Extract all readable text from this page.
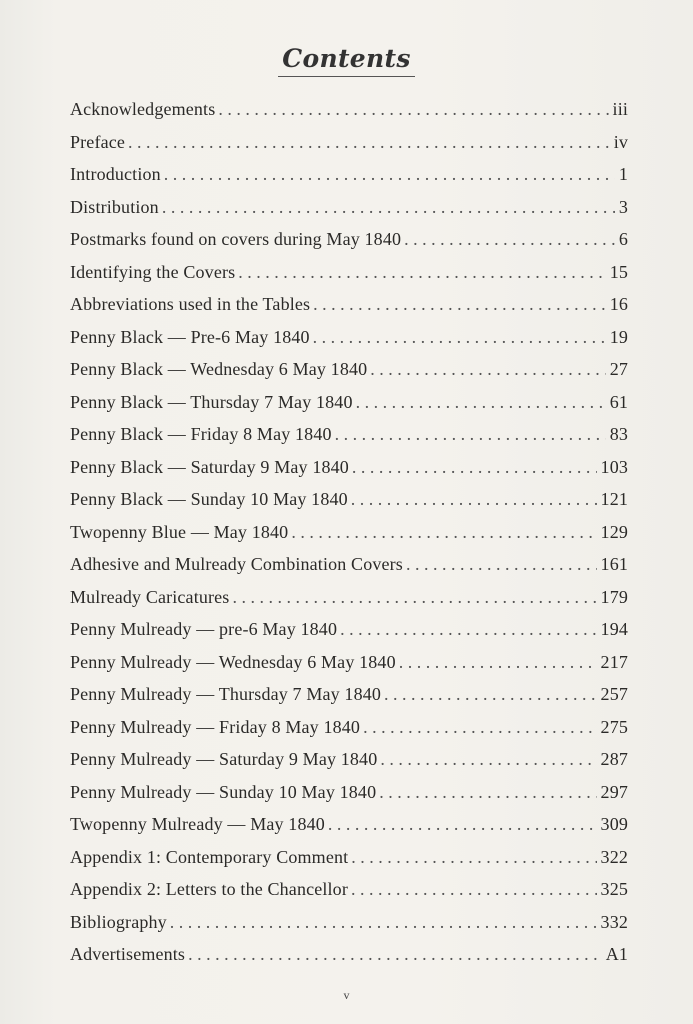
Contents
Acknowledgements . . .	iii
Preface . . .	iv
Introduction . . .	1
Distribution . . .	3
Postmarks found on covers during May 1840 . . .	6
Identifying the Covers . . .	15
Abbreviations used in the Tables . . .	16
Penny Black — Pre-6 May 1840 . . .	19
Penny Black — Wednesday 6 May 1840 . . .	27
Penny Black — Thursday 7 May 1840 . . .	61
Penny Black — Friday 8 May 1840 . . .	83
Penny Black — Saturday 9 May 1840 . . .	103
Penny Black — Sunday 10 May 1840 . . .	121
Twopenny Blue — May 1840 . . .	129
Adhesive and Mulready Combination Covers . . .	161
Mulready Caricatures . . .	179
Penny Mulready — pre-6 May 1840 . . .	194
Penny Mulready — Wednesday 6 May 1840 . . .	217
Penny Mulready — Thursday 7 May 1840 . . .	257
Penny Mulready — Friday 8 May 1840 . . .	275
Penny Mulready — Saturday 9 May 1840 . . .	287
Penny Mulready — Sunday 10 May 1840 . . .	297
Twopenny Mulready — May 1840 . . .	309
Appendix 1: Contemporary Comment . . .	322
Appendix 2: Letters to the Chancellor . . .	325
Bibliography . . .	332
Advertisements . . .	A1
v
